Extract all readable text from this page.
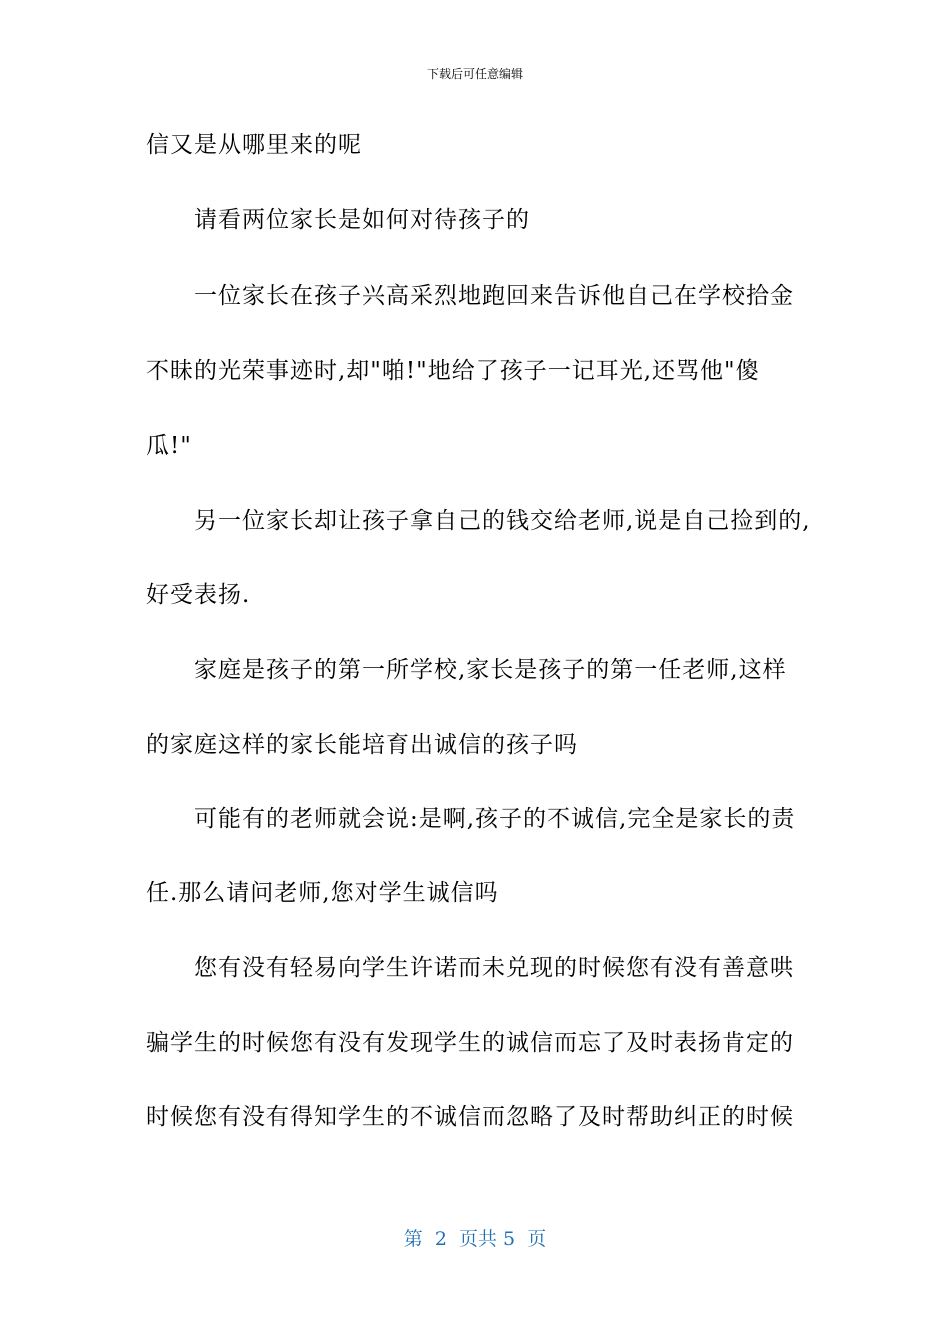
下载后可任意编辑
信又是从哪里来的呢
请看两位家长是如何对待孩子的
一位家长在孩子兴高采烈地跑回来告诉他自己在学校拾金
不昧的光荣事迹时,却"啪!"地给了孩子一记耳光,还骂他"傻
瓜!"
另一位家长却让孩子拿自己的钱交给老师,说是自己捡到的,
好受表扬.
家庭是孩子的第一所学校,家长是孩子的第一任老师,这样
的家庭这样的家长能培育出诚信的孩子吗
可能有的老师就会说:是啊,孩子的不诚信,完全是家长的责
任.那么请问老师,您对学生诚信吗
您有没有轻易向学生许诺而未兑现的时候您有没有善意哄
骗学生的时候您有没有发现学生的诚信而忘了及时表扬肯定的
时候您有没有得知学生的不诚信而忽略了及时帮助纠正的时候
第  2  页共 5  页
